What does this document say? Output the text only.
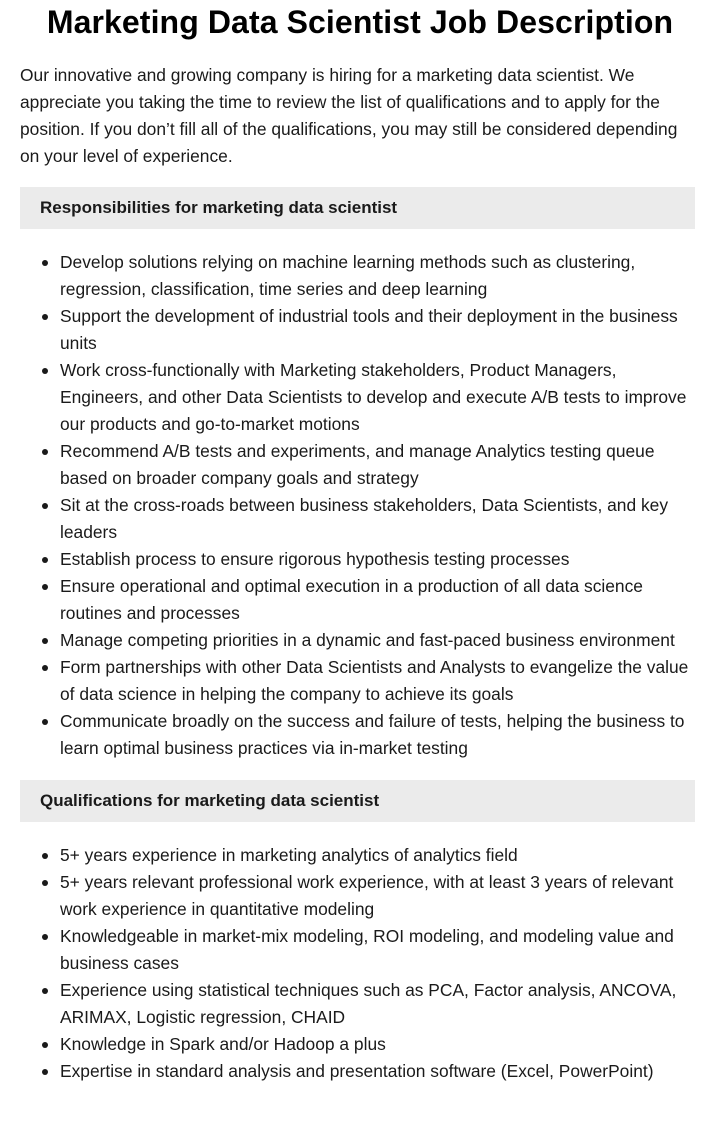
Marketing Data Scientist Job Description

Our innovative and growing company is hiring for a marketing data scientist. We appreciate you taking the time to review the list of qualifications and to apply for the position. If you don’t fill all of the qualifications, you may still be considered depending on your level of experience.

Responsibilities for marketing data scientist
Develop solutions relying on machine learning methods such as clustering, regression, classification, time series and deep learning
Support the development of industrial tools and their deployment in the business units
Work cross-functionally with Marketing stakeholders, Product Managers, Engineers, and other Data Scientists to develop and execute A/B tests to improve our products and go-to-market motions
Recommend A/B tests and experiments, and manage Analytics testing queue based on broader company goals and strategy
Sit at the cross-roads between business stakeholders, Data Scientists, and key leaders
Establish process to ensure rigorous hypothesis testing processes
Ensure operational and optimal execution in a production of all data science routines and processes
Manage competing priorities in a dynamic and fast-paced business environment
Form partnerships with other Data Scientists and Analysts to evangelize the value of data science in helping the company to achieve its goals
Communicate broadly on the success and failure of tests, helping the business to learn optimal business practices via in-market testing
Qualifications for marketing data scientist
5+ years experience in marketing analytics of analytics field
5+ years relevant professional work experience, with at least 3 years of relevant work experience in quantitative modeling
Knowledgeable in market-mix modeling, ROI modeling, and modeling value and business cases
Experience using statistical techniques such as PCA, Factor analysis, ANCOVA, ARIMAX, Logistic regression, CHAID
Knowledge in Spark and/or Hadoop a plus
Expertise in standard analysis and presentation software (Excel, PowerPoint)
